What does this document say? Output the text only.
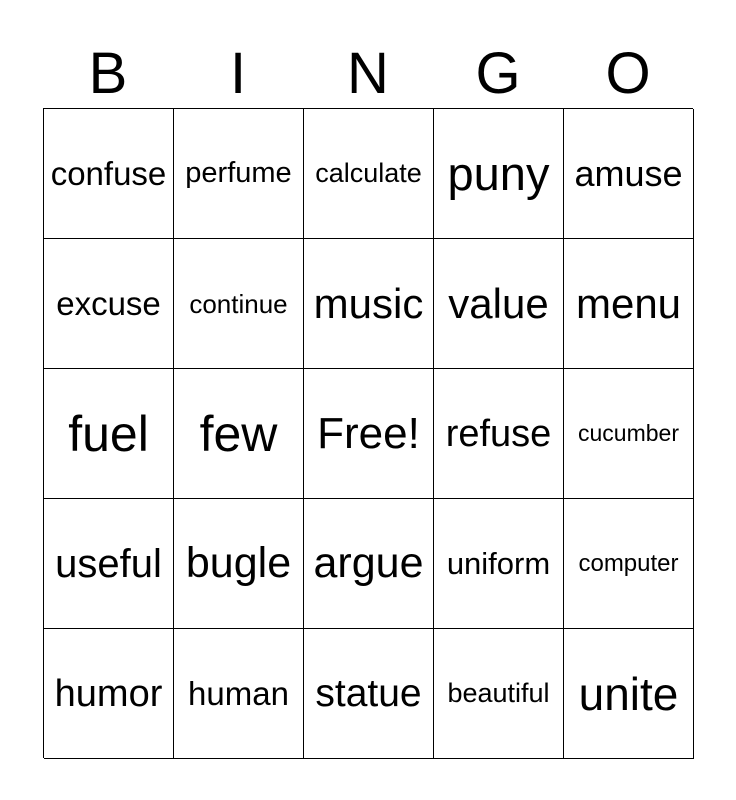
B	I	N	G	O
confuse perfume calculate puny amuse
excuse continue music value menu
fuel few Free! refuse cucumber
useful bugle argue uniform computer
humor human statue beautiful unite
